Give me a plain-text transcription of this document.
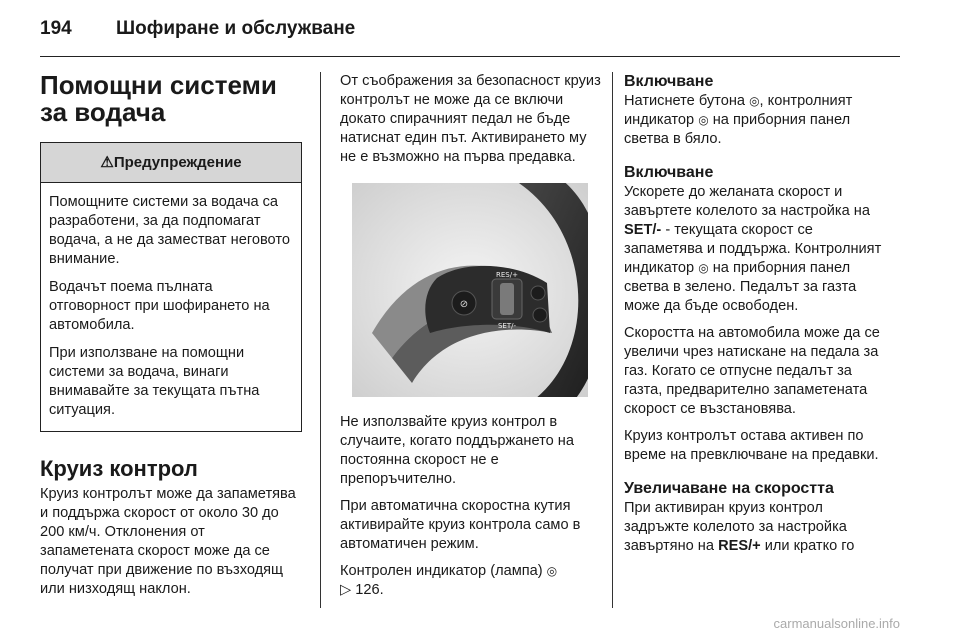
194 Шофиране и обслужване
Помощни системи за водача
⚠Предупреждение

Помощните системи за водача са разработени, за да подпомагат водача, а не да заместват неговото внимание.

Водачът поема пълната отговорност при шофирането на автомобила.

При използване на помощни системи за водача, винаги внимавайте за текущата пътна ситуация.

Круиз контрол

Круиз контролът може да запаметява и поддържа скорост от около 30 до 200 км/ч. Отклонения от запаметената скорост може да се получат при движение по възходящ или низходящ наклон.

От съображения за безопасност круиз контролът не може да се включи докато спирачният педал не бъде натиснат един път. Активирането му не е възможно на първа предавка.

⊘
RES/+
SET/-

Не използвайте круиз контрол в случаите, когато поддържането на постоянна скорост не е препоръчително.

При автоматична скоростна кутия активирайте круиз контрола само в автоматичен режим.

Контролен индикатор (лампа) ◎
▷ 126.

Включване

Натиснете бутона ◎, контролният индикатор ◎ на приборния панел светва в бяло.

Включване

Ускорете до желаната скорост и завъртете колелото за настройка на SET/- - текущата скорост се запаметява и поддържа. Контролният индикатор ◎ на приборния панел светва в зелено. Педалът за газта може да бъде освободен.

Скоростта на автомобила може да се увеличи чрез натискане на педала за газ. Когато се отпусне педалът за газта, предварително запаметената скорост се възстановява.

Круиз контролът остава активен по време на превключване на предавки.

Увеличаване на скоростта

При активиран круиз контрол задръжте колелото за настройка завъртяно на RES/+ или кратко го

carmanualsonline.info
